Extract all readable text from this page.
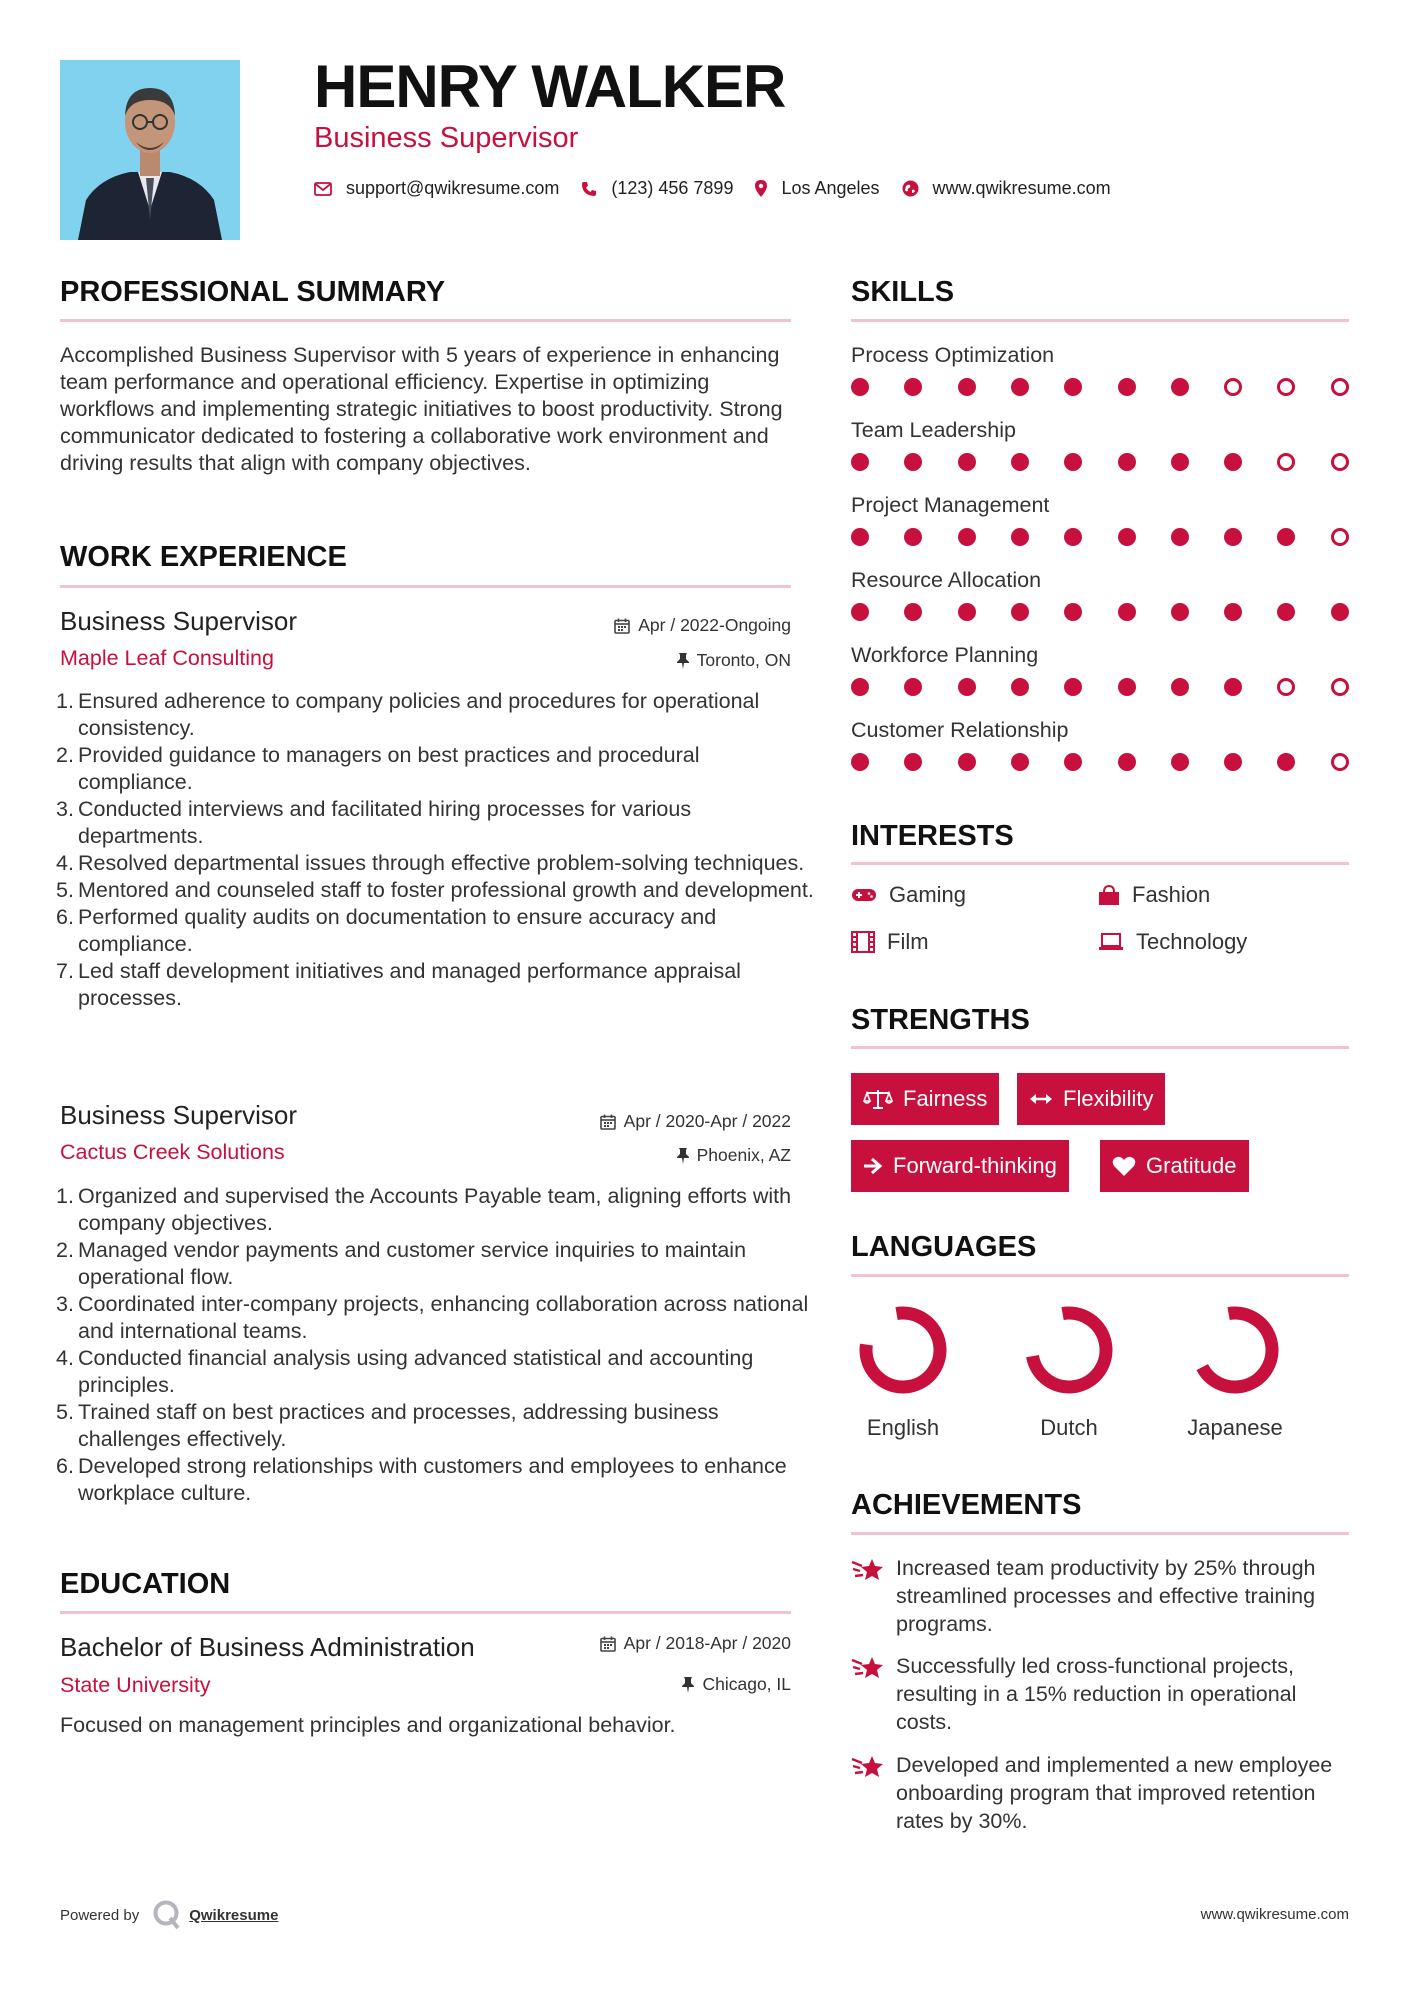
HENRY WALKER
Business Supervisor
support@qwikresume.com	(123) 456 7899	Los Angeles	www.qwikresume.com
PROFESSIONAL SUMMARY
Accomplished Business Supervisor with 5 years of experience in enhancing team performance and operational efficiency. Expertise in optimizing workflows and implementing strategic initiatives to boost productivity. Strong communicator dedicated to fostering a collaborative work environment and driving results that align with company objectives.
WORK EXPERIENCE
Business Supervisor	Apr / 2022-Ongoing
Maple Leaf Consulting	Toronto, ON
1. Ensured adherence to company policies and procedures for operational consistency.
2. Provided guidance to managers on best practices and procedural compliance.
3. Conducted interviews and facilitated hiring processes for various departments.
4. Resolved departmental issues through effective problem-solving techniques.
5. Mentored and counseled staff to foster professional growth and development.
6. Performed quality audits on documentation to ensure accuracy and compliance.
7. Led staff development initiatives and managed performance appraisal processes.
Business Supervisor	Apr / 2020-Apr / 2022
Cactus Creek Solutions	Phoenix, AZ
1. Organized and supervised the Accounts Payable team, aligning efforts with company objectives.
2. Managed vendor payments and customer service inquiries to maintain operational flow.
3. Coordinated inter-company projects, enhancing collaboration across national and international teams.
4. Conducted financial analysis using advanced statistical and accounting principles.
5. Trained staff on best practices and processes, addressing business challenges effectively.
6. Developed strong relationships with customers and employees to enhance workplace culture.
EDUCATION
Bachelor of Business Administration	Apr / 2018-Apr / 2020
State University	Chicago, IL
Focused on management principles and organizational behavior.
SKILLS
Process Optimization
Team Leadership
Project Management
Resource Allocation
Workforce Planning
Customer Relationship
INTERESTS
Gaming	Fashion
Film	Technology
STRENGTHS
Fairness	Flexibility
Forward-thinking	Gratitude
LANGUAGES
English	Dutch	Japanese
ACHIEVEMENTS
Increased team productivity by 25% through streamlined processes and effective training programs.
Successfully led cross-functional projects, resulting in a 15% reduction in operational costs.
Developed and implemented a new employee onboarding program that improved retention rates by 30%.
Powered by	Qwikresume	www.qwikresume.com
